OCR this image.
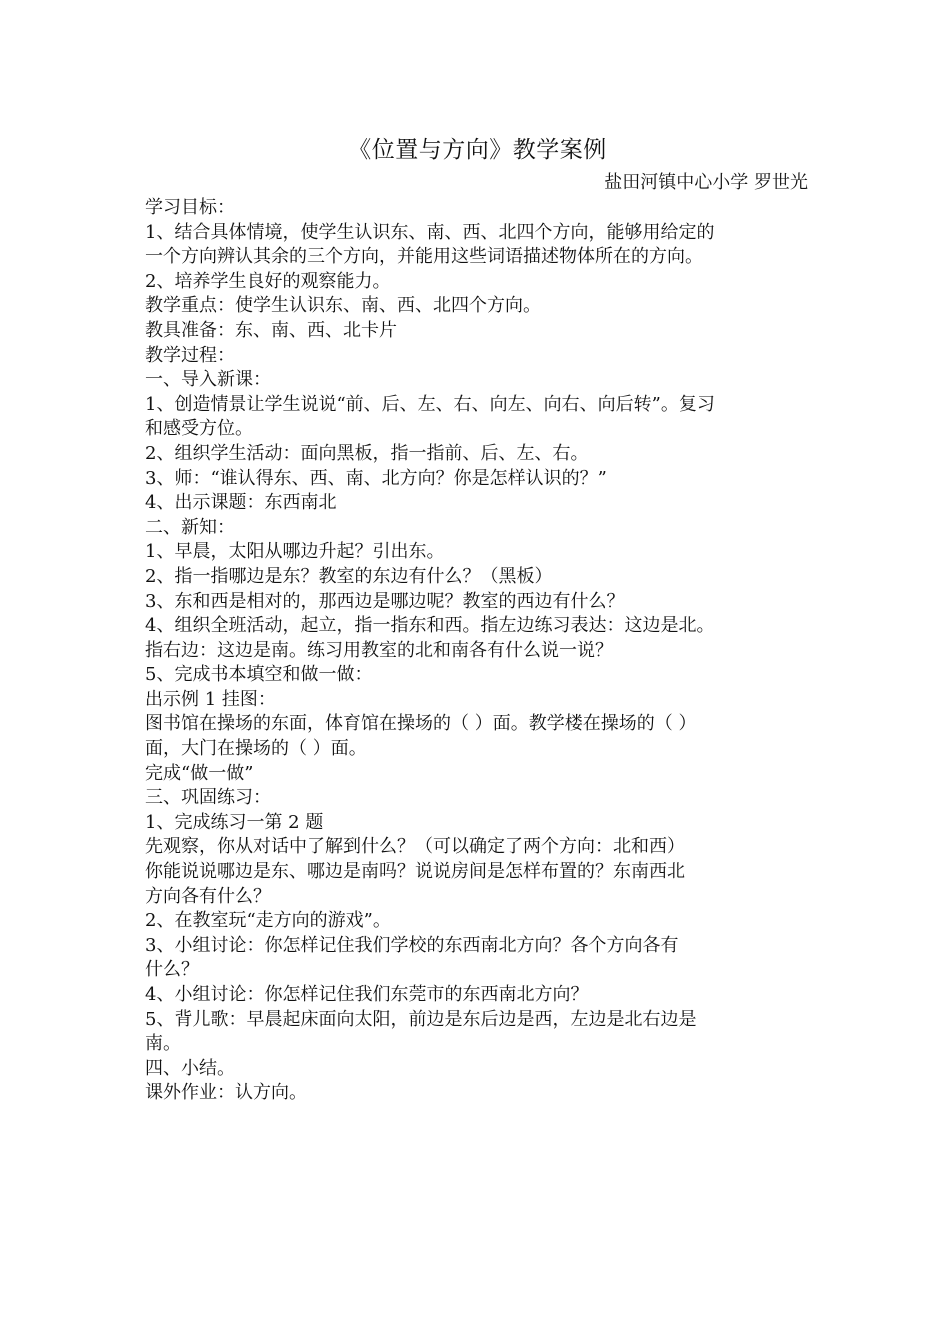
《位置与方向》教学案例
盐田河镇中心小学 罗世光
学习目标：
1、结合具体情境，使学生认识东、南、西、北四个方向，能够用给定的
一个方向辨认其余的三个方向，并能用这些词语描述物体所在的方向。
2、培养学生良好的观察能力。
教学重点：使学生认识东、南、西、北四个方向。
教具准备：东、南、西、北卡片
教学过程：
一、导入新课：
1、创造情景让学生说说“前、后、左、右、向左、向右、向后转”。复习
和感受方位。
2、组织学生活动：面向黑板，指一指前、后、左、右。
3、师：“谁认得东、西、南、北方向？你是怎样认识的？”
4、出示课题：东西南北
二、新知：
1、早晨，太阳从哪边升起？引出东。
2、指一指哪边是东？教室的东边有什么？（黑板）
3、东和西是相对的，那西边是哪边呢？教室的西边有什么？
4、组织全班活动，起立，指一指东和西。指左边练习表达：这边是北。
指右边：这边是南。练习用教室的北和南各有什么说一说？
5、完成书本填空和做一做：
出示例 1 挂图：
图书馆在操场的东面，体育馆在操场的（ ）面。教学楼在操场的（ ）
面，大门在操场的（ ）面。
完成“做一做”
三、巩固练习：
1、完成练习一第 2 题
先观察，你从对话中了解到什么？（可以确定了两个方向：北和西）
你能说说哪边是东、哪边是南吗？说说房间是怎样布置的？东南西北
方向各有什么？
2、在教室玩“走方向的游戏”。
3、小组讨论：你怎样记住我们学校的东西南北方向？各个方向各有
什么？
4、小组讨论：你怎样记住我们东莞市的东西南北方向？
5、背儿歌：早晨起床面向太阳，前边是东后边是西，左边是北右边是
南。
四、小结。
课外作业：认方向。
